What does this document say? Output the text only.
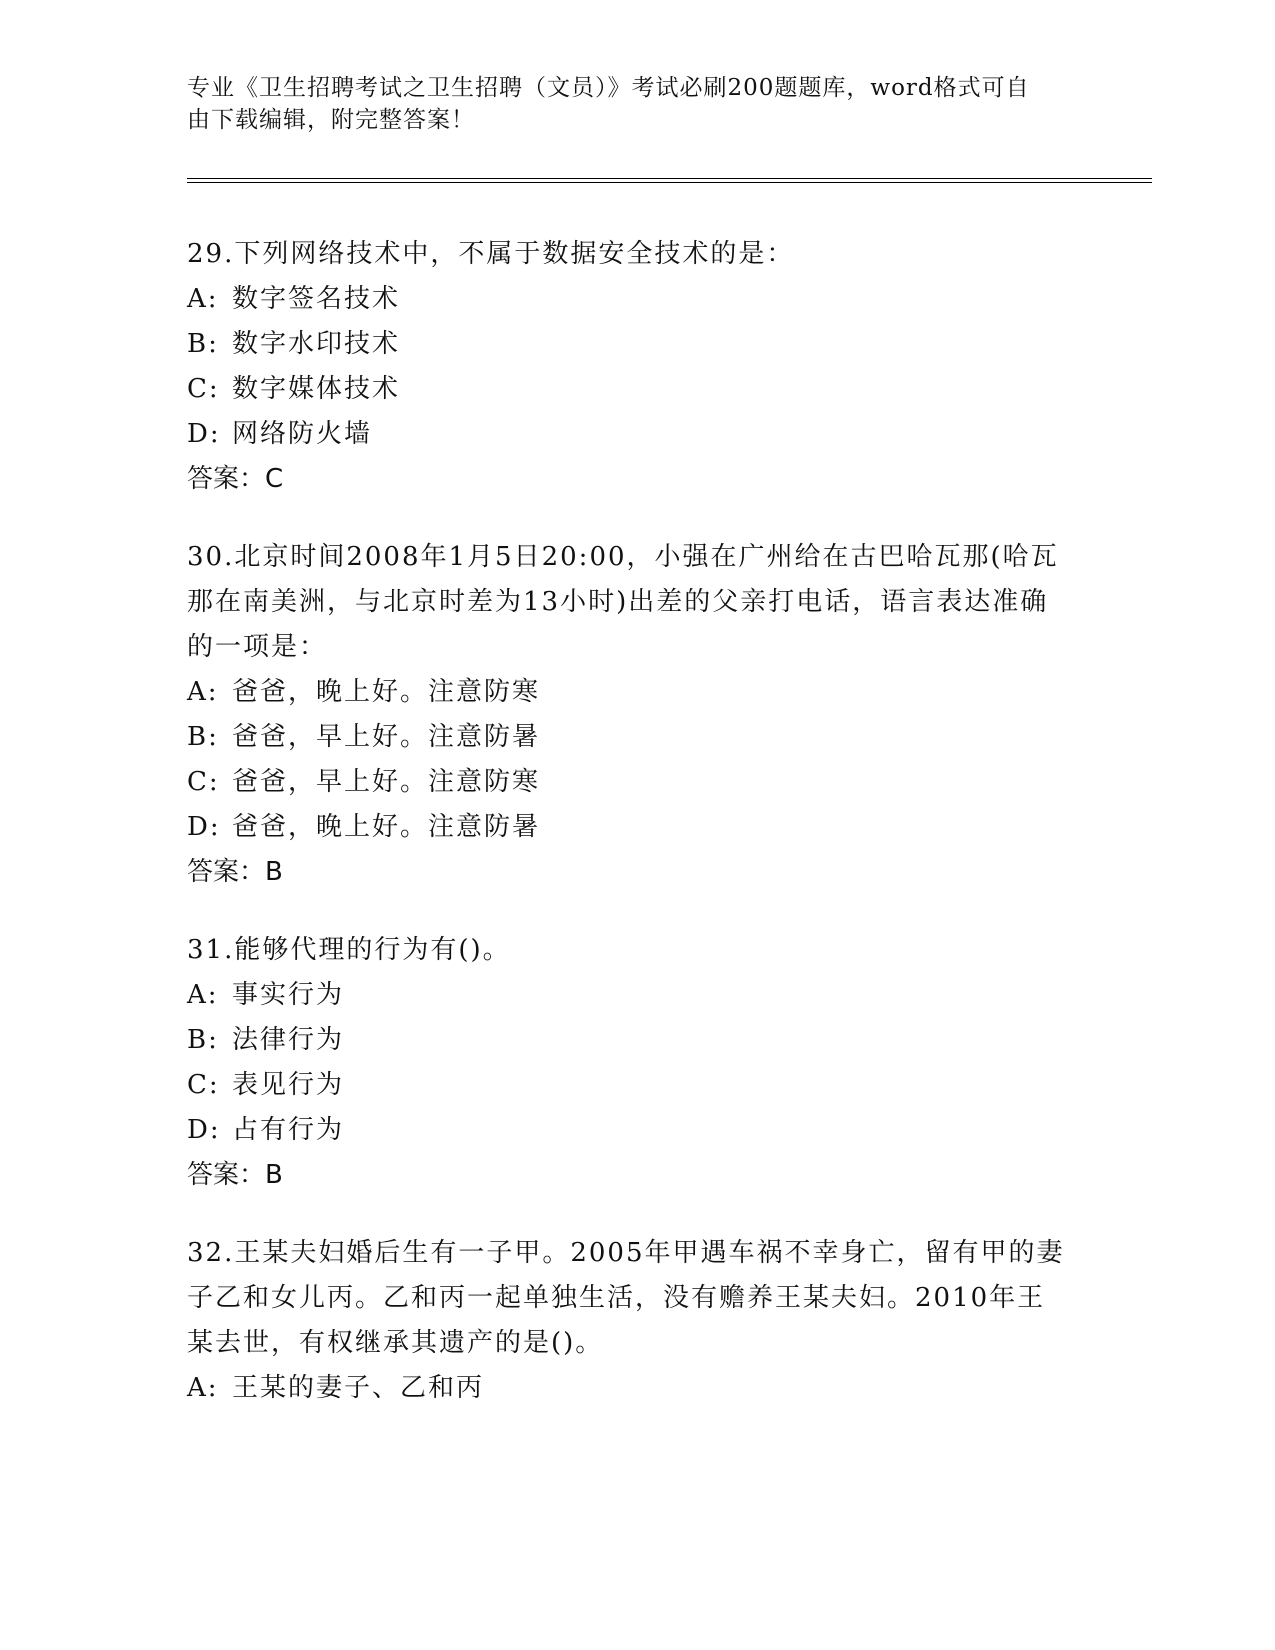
专业《卫生招聘考试之卫生招聘（文员）》考试必刷200题题库，word格式可自
由下载编辑，附完整答案！

29.下列网络技术中，不属于数据安全技术的是：

A: 数字签名技术

B: 数字水印技术

C: 数字媒体技术

D: 网络防火墙

答案：C

30.北京时间2008年1月5日20:00，小强在广州给在古巴哈瓦那(哈瓦那在南美洲，与北京时差为13小时)出差的父亲打电话，语言表达准确的一项是：

A: 爸爸，晚上好。注意防寒

B: 爸爸，早上好。注意防暑

C: 爸爸，早上好。注意防寒

D: 爸爸，晚上好。注意防暑

答案：B

31.能够代理的行为有()。

A: 事实行为

B: 法律行为

C: 表见行为

D: 占有行为

答案：B

32.王某夫妇婚后生有一子甲。2005年甲遇车祸不幸身亡，留有甲的妻子乙和女儿丙。乙和丙一起单独生活，没有赡养王某夫妇。2010年王某去世，有权继承其遗产的是()。

A: 王某的妻子、乙和丙
